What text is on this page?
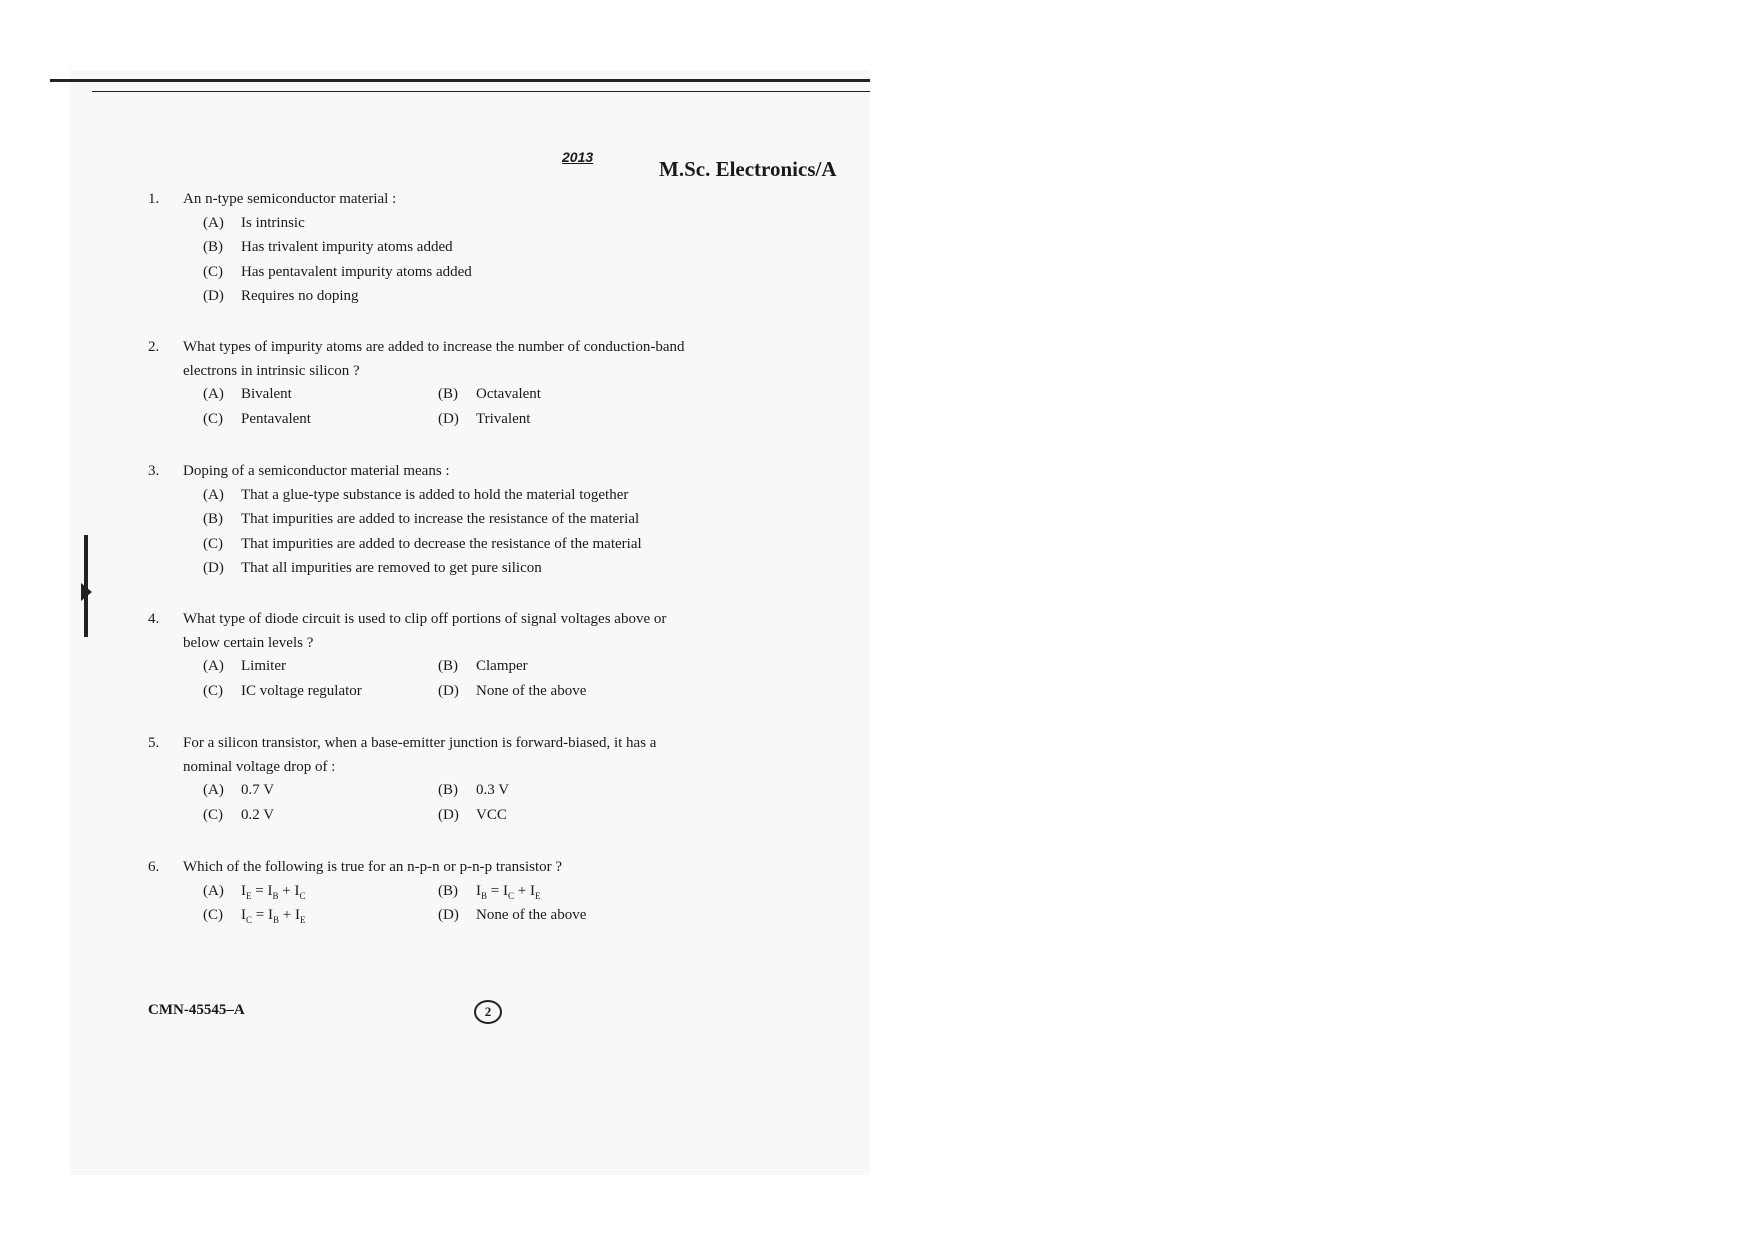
2013	M.Sc. Electronics/A
1. An n-type semiconductor material :
(A)	Is intrinsic
(B)	Has trivalent impurity atoms added
(C)	Has pentavalent impurity atoms added
(D)	Requires no doping
2. What types of impurity atoms are added to increase the number of conduction-band electrons in intrinsic silicon ?
(A)	Bivalent	(B)	Octavalent
(C)	Pentavalent	(D)	Trivalent
3. Doping of a semiconductor material means :
(A)	That a glue-type substance is added to hold the material together
(B)	That impurities are added to increase the resistance of the material
(C)	That impurities are added to decrease the resistance of the material
(D)	That all impurities are removed to get pure silicon
4. What type of diode circuit is used to clip off portions of signal voltages above or below certain levels ?
(A)	Limiter	(B)	Clamper
(C)	IC voltage regulator	(D)	None of the above
5. For a silicon transistor, when a base-emitter junction is forward-biased, it has a nominal voltage drop of :
(A)	0.7 V	(B)	0.3 V
(C)	0.2 V	(D)	VCC
6. Which of the following is true for an n-p-n or p-n-p transistor ?
(A)	$I_E = I_B + I_C$	(B)	$I_B = I_C + I_E$
(C)	$I_C = I_B + I_E$	(D)	None of the above
CMN-45545–A	2
